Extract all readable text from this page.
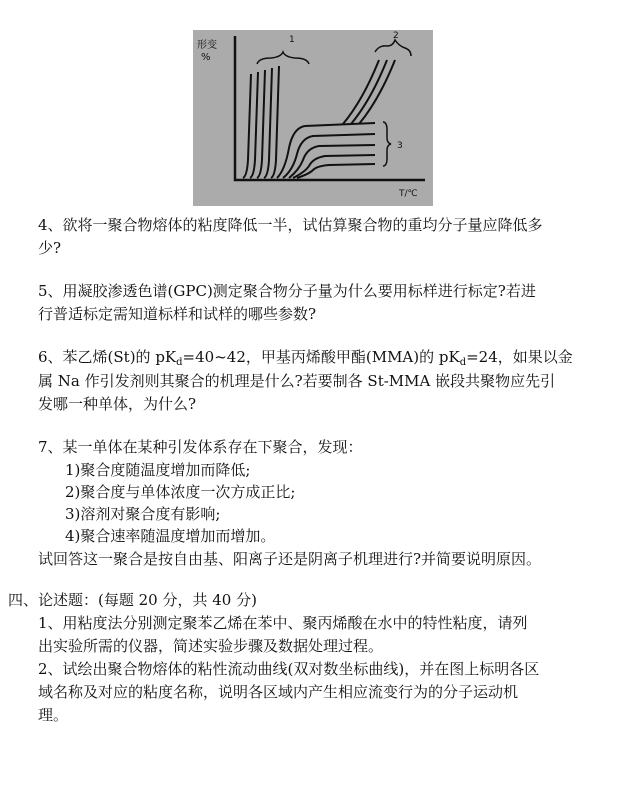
形变%
T/℃
1
3
2

4、欲将一聚合物熔体的粘度降低一半，试估算聚合物的重均分子量应降低多

少?

5、用凝胶渗透色谱(GPC)测定聚合物分子量为什么要用标样进行标定?若进

行普适标定需知道标样和试样的哪些参数?

6、苯乙烯(St)的 $pK_d=40\sim 42$，甲基丙烯酸甲酯(MMA)的 $pK_d=24$，如果以金

属 Na 作引发剂则其聚合的机理是什么?若要制各 St-MMA 嵌段共聚物应先引

发哪一种单体，为什么?

7、某一单体在某种引发体系存在下聚合，发现：

1)聚合度随温度增加而降低;

2)聚合度与单体浓度一次方成正比;

3)溶剂对聚合度有影响;

4)聚合速率随温度增加而增加。

试回答这一聚合是按自由基、阳离子还是阴离子机理进行?并简要说明原因。

四、论述题：(每题 20 分，共 40 分)

1、用粘度法分别测定聚苯乙烯在苯中、聚丙烯酸在水中的特性粘度，请列

出实验所需的仪器，简述实验步骤及数据处理过程。

2、试绘出聚合物熔体的粘性流动曲线(双对数坐标曲线)，并在图上标明各区

域名称及对应的粘度名称，说明各区域内产生相应流变行为的分子运动机

理。
